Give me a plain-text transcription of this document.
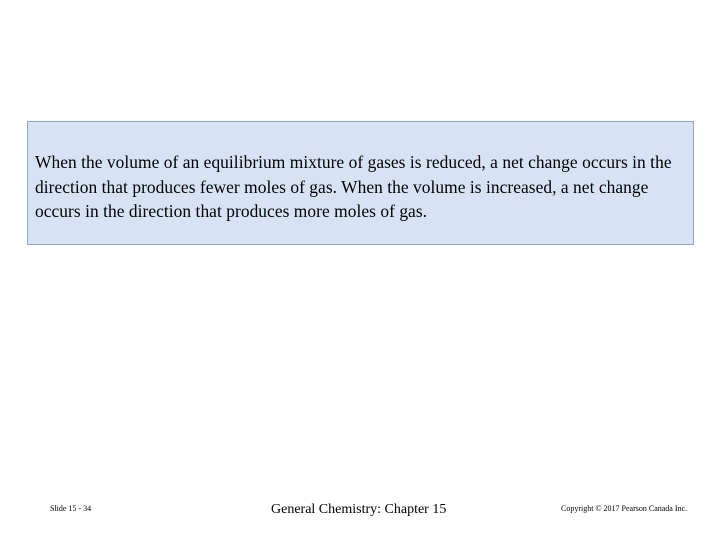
When the volume of an equilibrium mixture of gases is reduced, a net change occurs in the direction that produces fewer moles of gas. When the volume is increased, a net change occurs in the direction that produces more moles of gas.

Slide 15 - 34	General Chemistry: Chapter 15	Copyright © 2017 Pearson Canada Inc.
